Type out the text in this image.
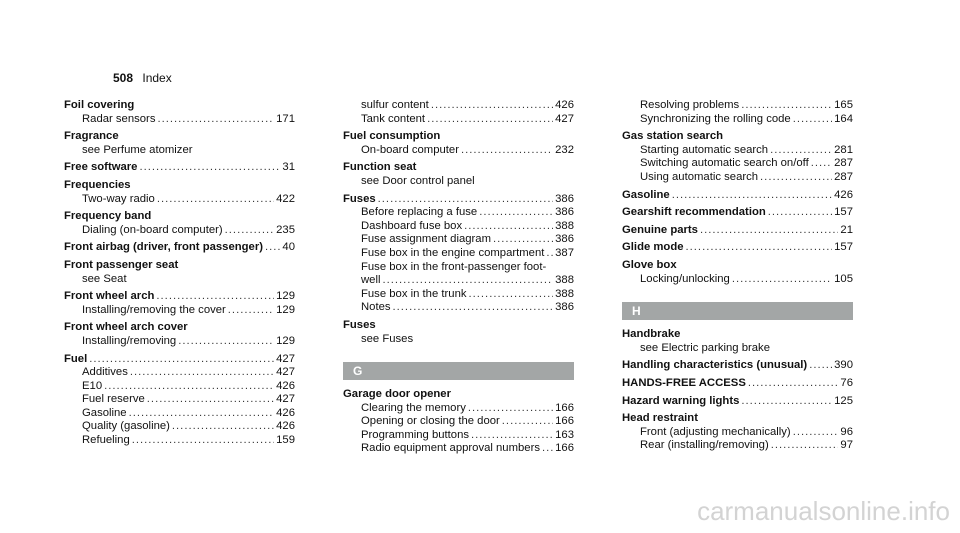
508 Index
Foil covering
Radar sensors .....	171
Fragrance
see Perfume atomizer
Free software .....	31
Frequencies
Two-way radio .....	422
Frequency band
Dialing (on-board computer) .....	235
Front airbag (driver, front passenger) ..... 40
Front passenger seat
see Seat
Front wheel arch .....	129
Installing/removing the cover .....	129
Front wheel arch cover
Installing/removing .....	129
Fuel .....	427
Additives .....	427
E10 .....	426
Fuel reserve .....	427
Gasoline .....	426
Quality (gasoline) .....	426
Refueling .....	159
sulfur content .....	426
Tank content .....	427
Fuel consumption
On-board computer .....	232
Function seat
see Door control panel
Fuses .....	386
Before replacing a fuse .....	386
Dashboard fuse box .....	388
Fuse assignment diagram .....	386
Fuse box in the engine compartment ..... 387
Fuse box in the front-passenger foot-
well .....	388
Fuse box in the trunk .....	388
Notes .....	386
Fuses
see Fuses
G
Garage door opener
Clearing the memory .....	166
Opening or closing the door .....	166
Programming buttons .....	163
Radio equipment approval numbers ..... 166
Resolving problems .....	165
Synchronizing the rolling code .....	164
Gas station search
Starting automatic search .....	281
Switching automatic search on/off ..... 287
Using automatic search .....	287
Gasoline .....	426
Gearshift recommendation .....	157
Genuine parts .....	21
Glide mode .....	157
Glove box
Locking/unlocking .....	105
H
Handbrake
see Electric parking brake
Handling characteristics (unusual) ..... 390
HANDS-FREE ACCESS .....	76
Hazard warning lights .....	125
Head restraint
Front (adjusting mechanically) .....	96
Rear (installing/removing) .....	97
carmanualsonline.info
